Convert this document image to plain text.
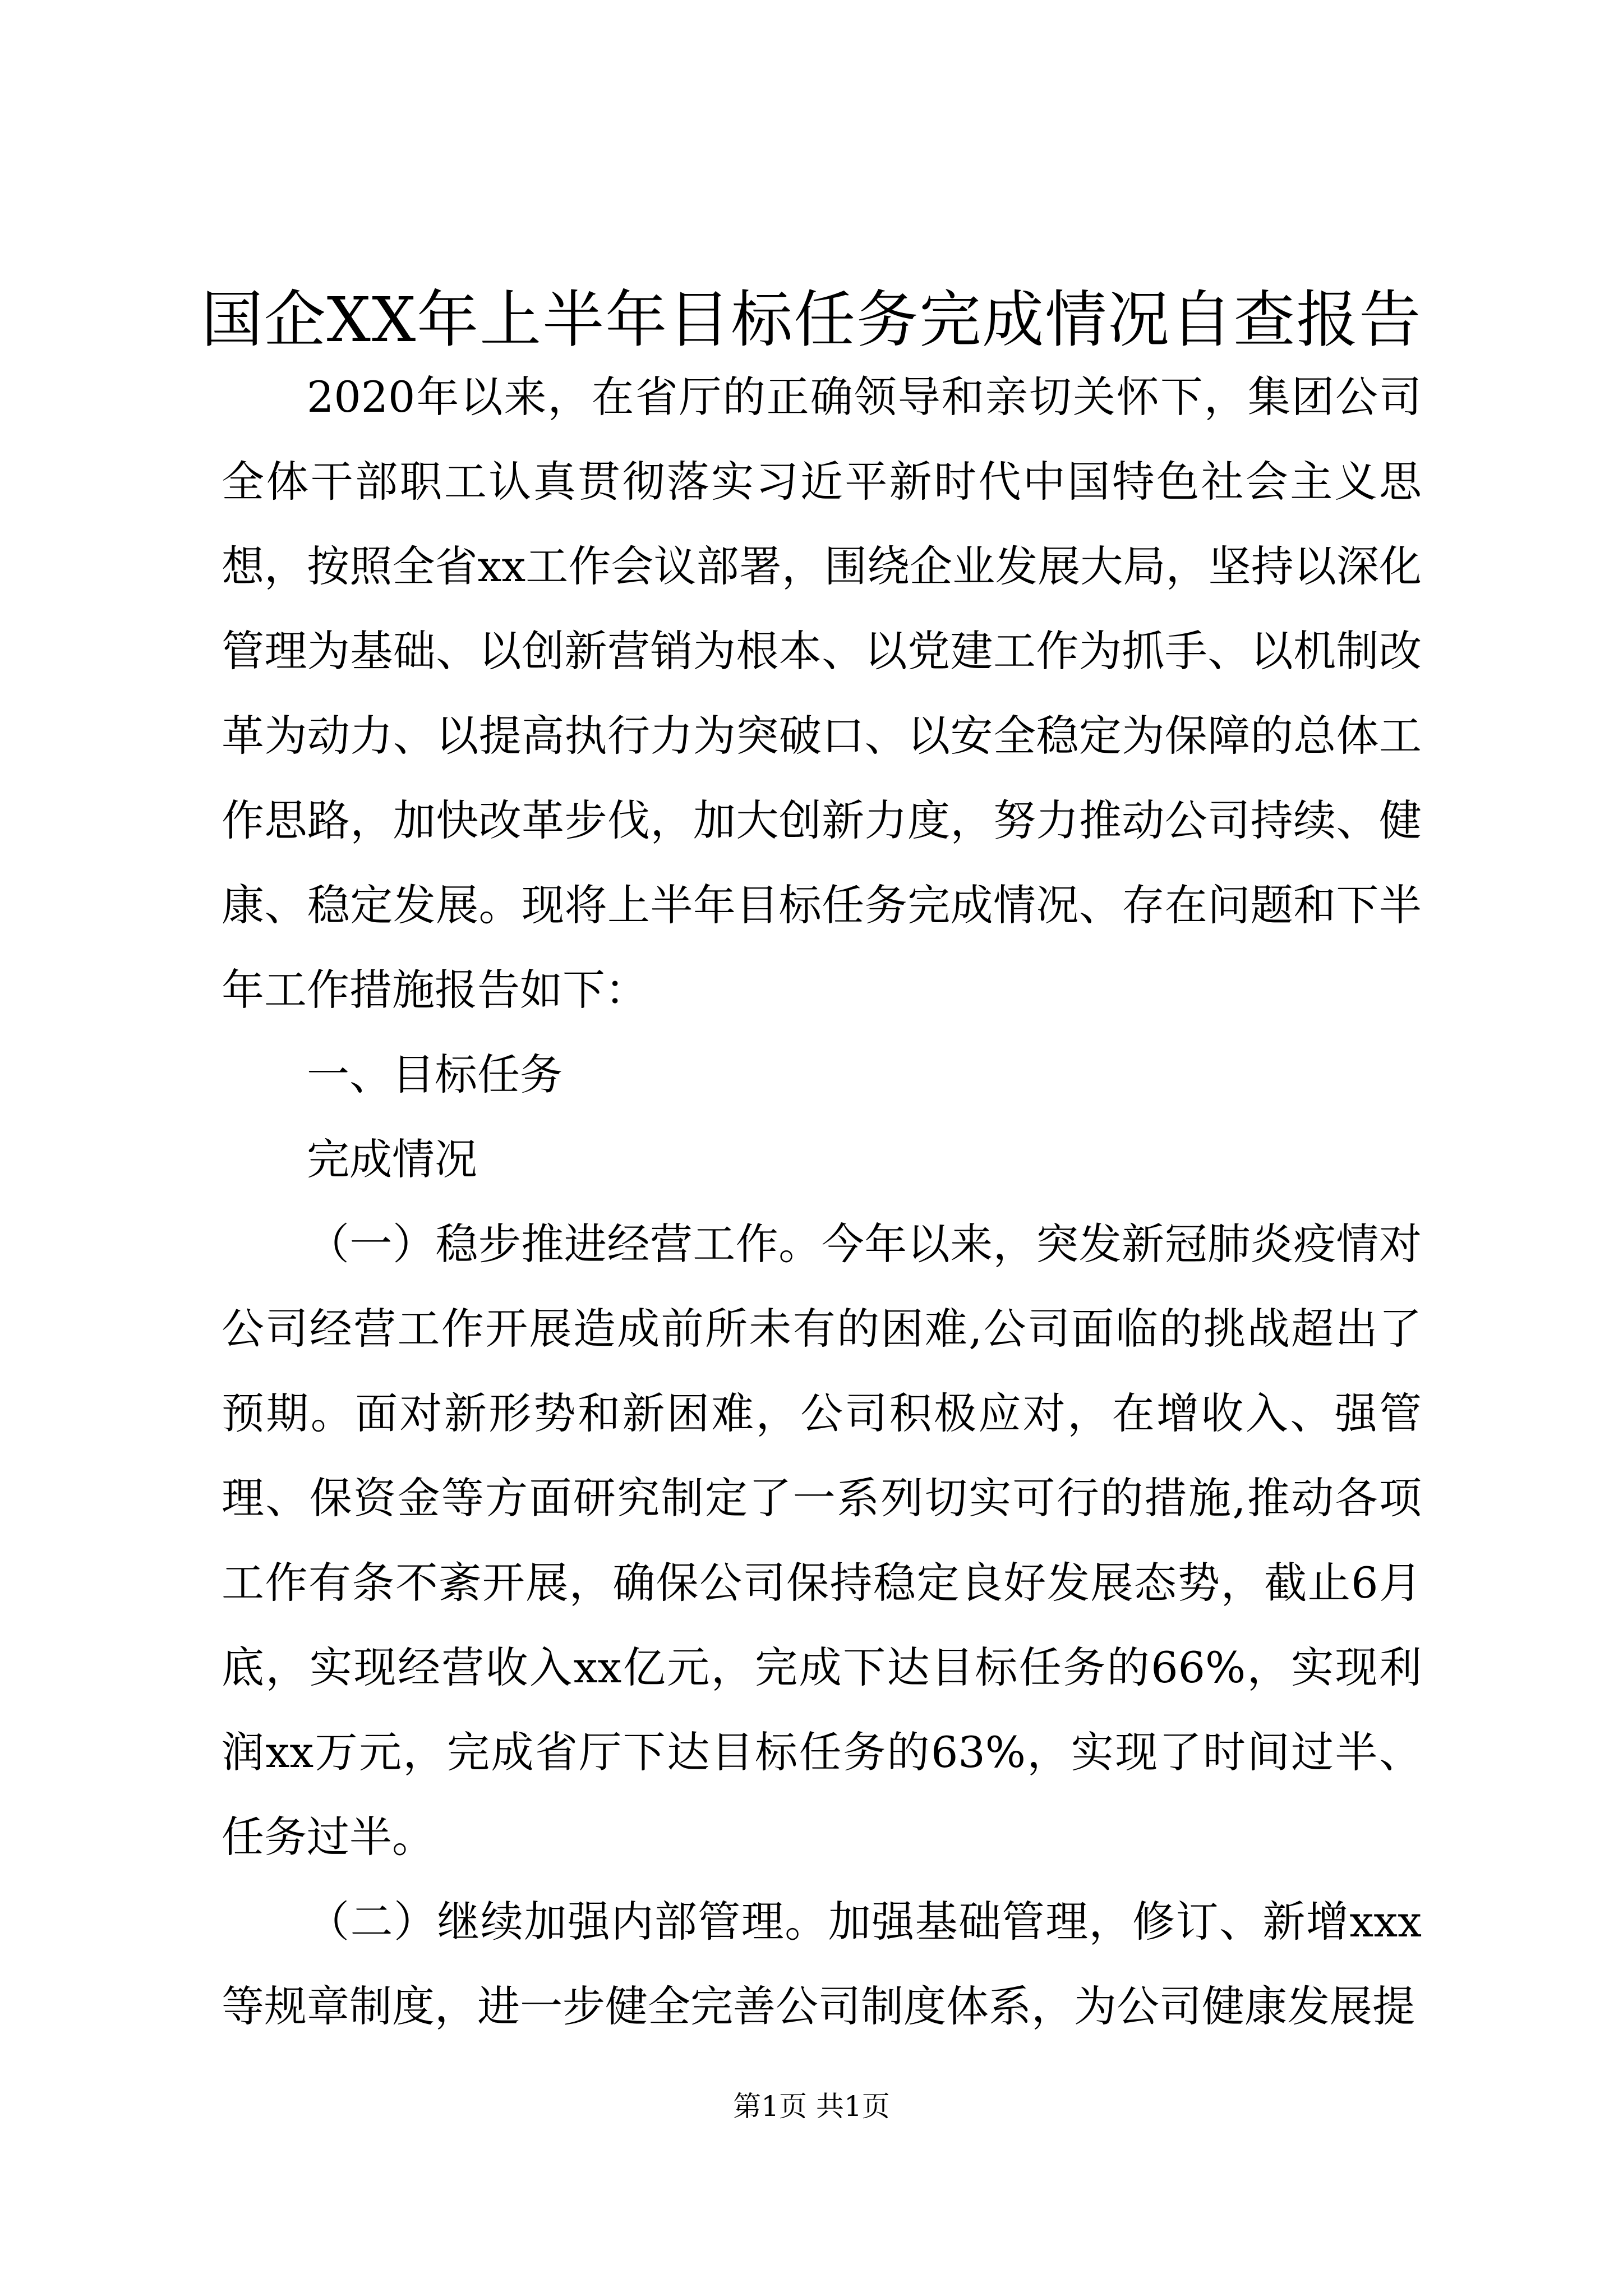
国企XX年上半年目标任务完成情况自查报告

2020年以来，在省厅的正确领导和亲切关怀下，集团公司全体干部职工认真贯彻落实习近平新时代中国特色社会主义思想，按照全省xx工作会议部署，围绕企业发展大局，坚持以深化管理为基础、以创新营销为根本、以党建工作为抓手、以机制改革为动力、以提高执行力为突破口、以安全稳定为保障的总体工作思路，加快改革步伐，加大创新力度，努力推动公司持续、健康、稳定发展。现将上半年目标任务完成情况、存在问题和下半年工作措施报告如下：

一、目标任务

完成情况

（一）稳步推进经营工作。今年以来，突发新冠肺炎疫情对公司经营工作开展造成前所未有的困难,公司面临的挑战超出了预期。面对新形势和新困难，公司积极应对，在增收入、强管理、保资金等方面研究制定了一系列切实可行的措施,推动各项工作有条不紊开展，确保公司保持稳定良好发展态势，截止6月底，实现经营收入xx亿元，完成下达目标任务的66%，实现利润xx万元，完成省厅下达目标任务的63%，实现了时间过半、任务过半。

（二）继续加强内部管理。加强基础管理，修订、新增xxx等规章制度，进一步健全完善公司制度体系，为公司健康发展提

第1页 共1页
